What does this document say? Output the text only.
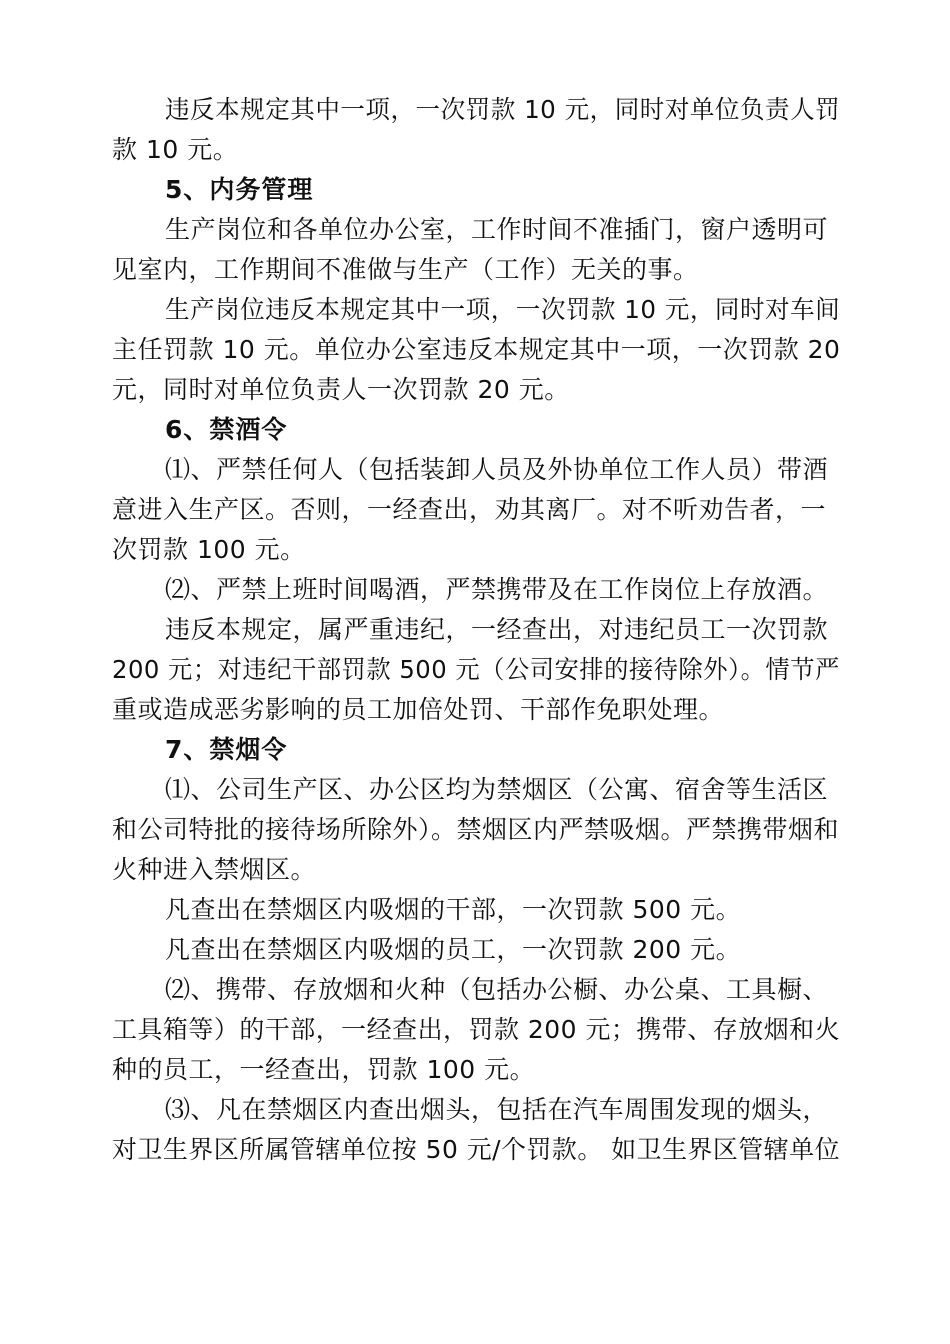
违反本规定其中一项，一次罚款 10 元，同时对单位负责人罚
款 10 元。
5、内务管理
生产岗位和各单位办公室，工作时间不准插门，窗户透明可
见室内，工作期间不准做与生产（工作）无关的事。
生产岗位违反本规定其中一项，一次罚款 10 元，同时对车间
主任罚款 10 元。单位办公室违反本规定其中一项，一次罚款 20
元，同时对单位负责人一次罚款 20 元。
6、禁酒令
⑴、严禁任何人（包括装卸人员及外协单位工作人员）带酒
意进入生产区。否则，一经查出，劝其离厂。对不听劝告者，一
次罚款 100 元。
⑵、严禁上班时间喝酒，严禁携带及在工作岗位上存放酒。
违反本规定，属严重违纪，一经查出，对违纪员工一次罚款
200 元；对违纪干部罚款 500 元（公司安排的接待除外）。情节严
重或造成恶劣影响的员工加倍处罚、干部作免职处理。
7、禁烟令
⑴、公司生产区、办公区均为禁烟区（公寓、宿舍等生活区
和公司特批的接待场所除外）。禁烟区内严禁吸烟。严禁携带烟和
火种进入禁烟区。
凡查出在禁烟区内吸烟的干部，一次罚款 500 元。
凡查出在禁烟区内吸烟的员工，一次罚款 200 元。
⑵、携带、存放烟和火种（包括办公橱、办公桌、工具橱、
工具箱等）的干部，一经查出，罚款 200 元；携带、存放烟和火
种的员工，一经查出，罚款 100 元。
⑶、凡在禁烟区内查出烟头，包括在汽车周围发现的烟头，
对卫生界区所属管辖单位按 50 元/个罚款。 如卫生界区管辖单位
